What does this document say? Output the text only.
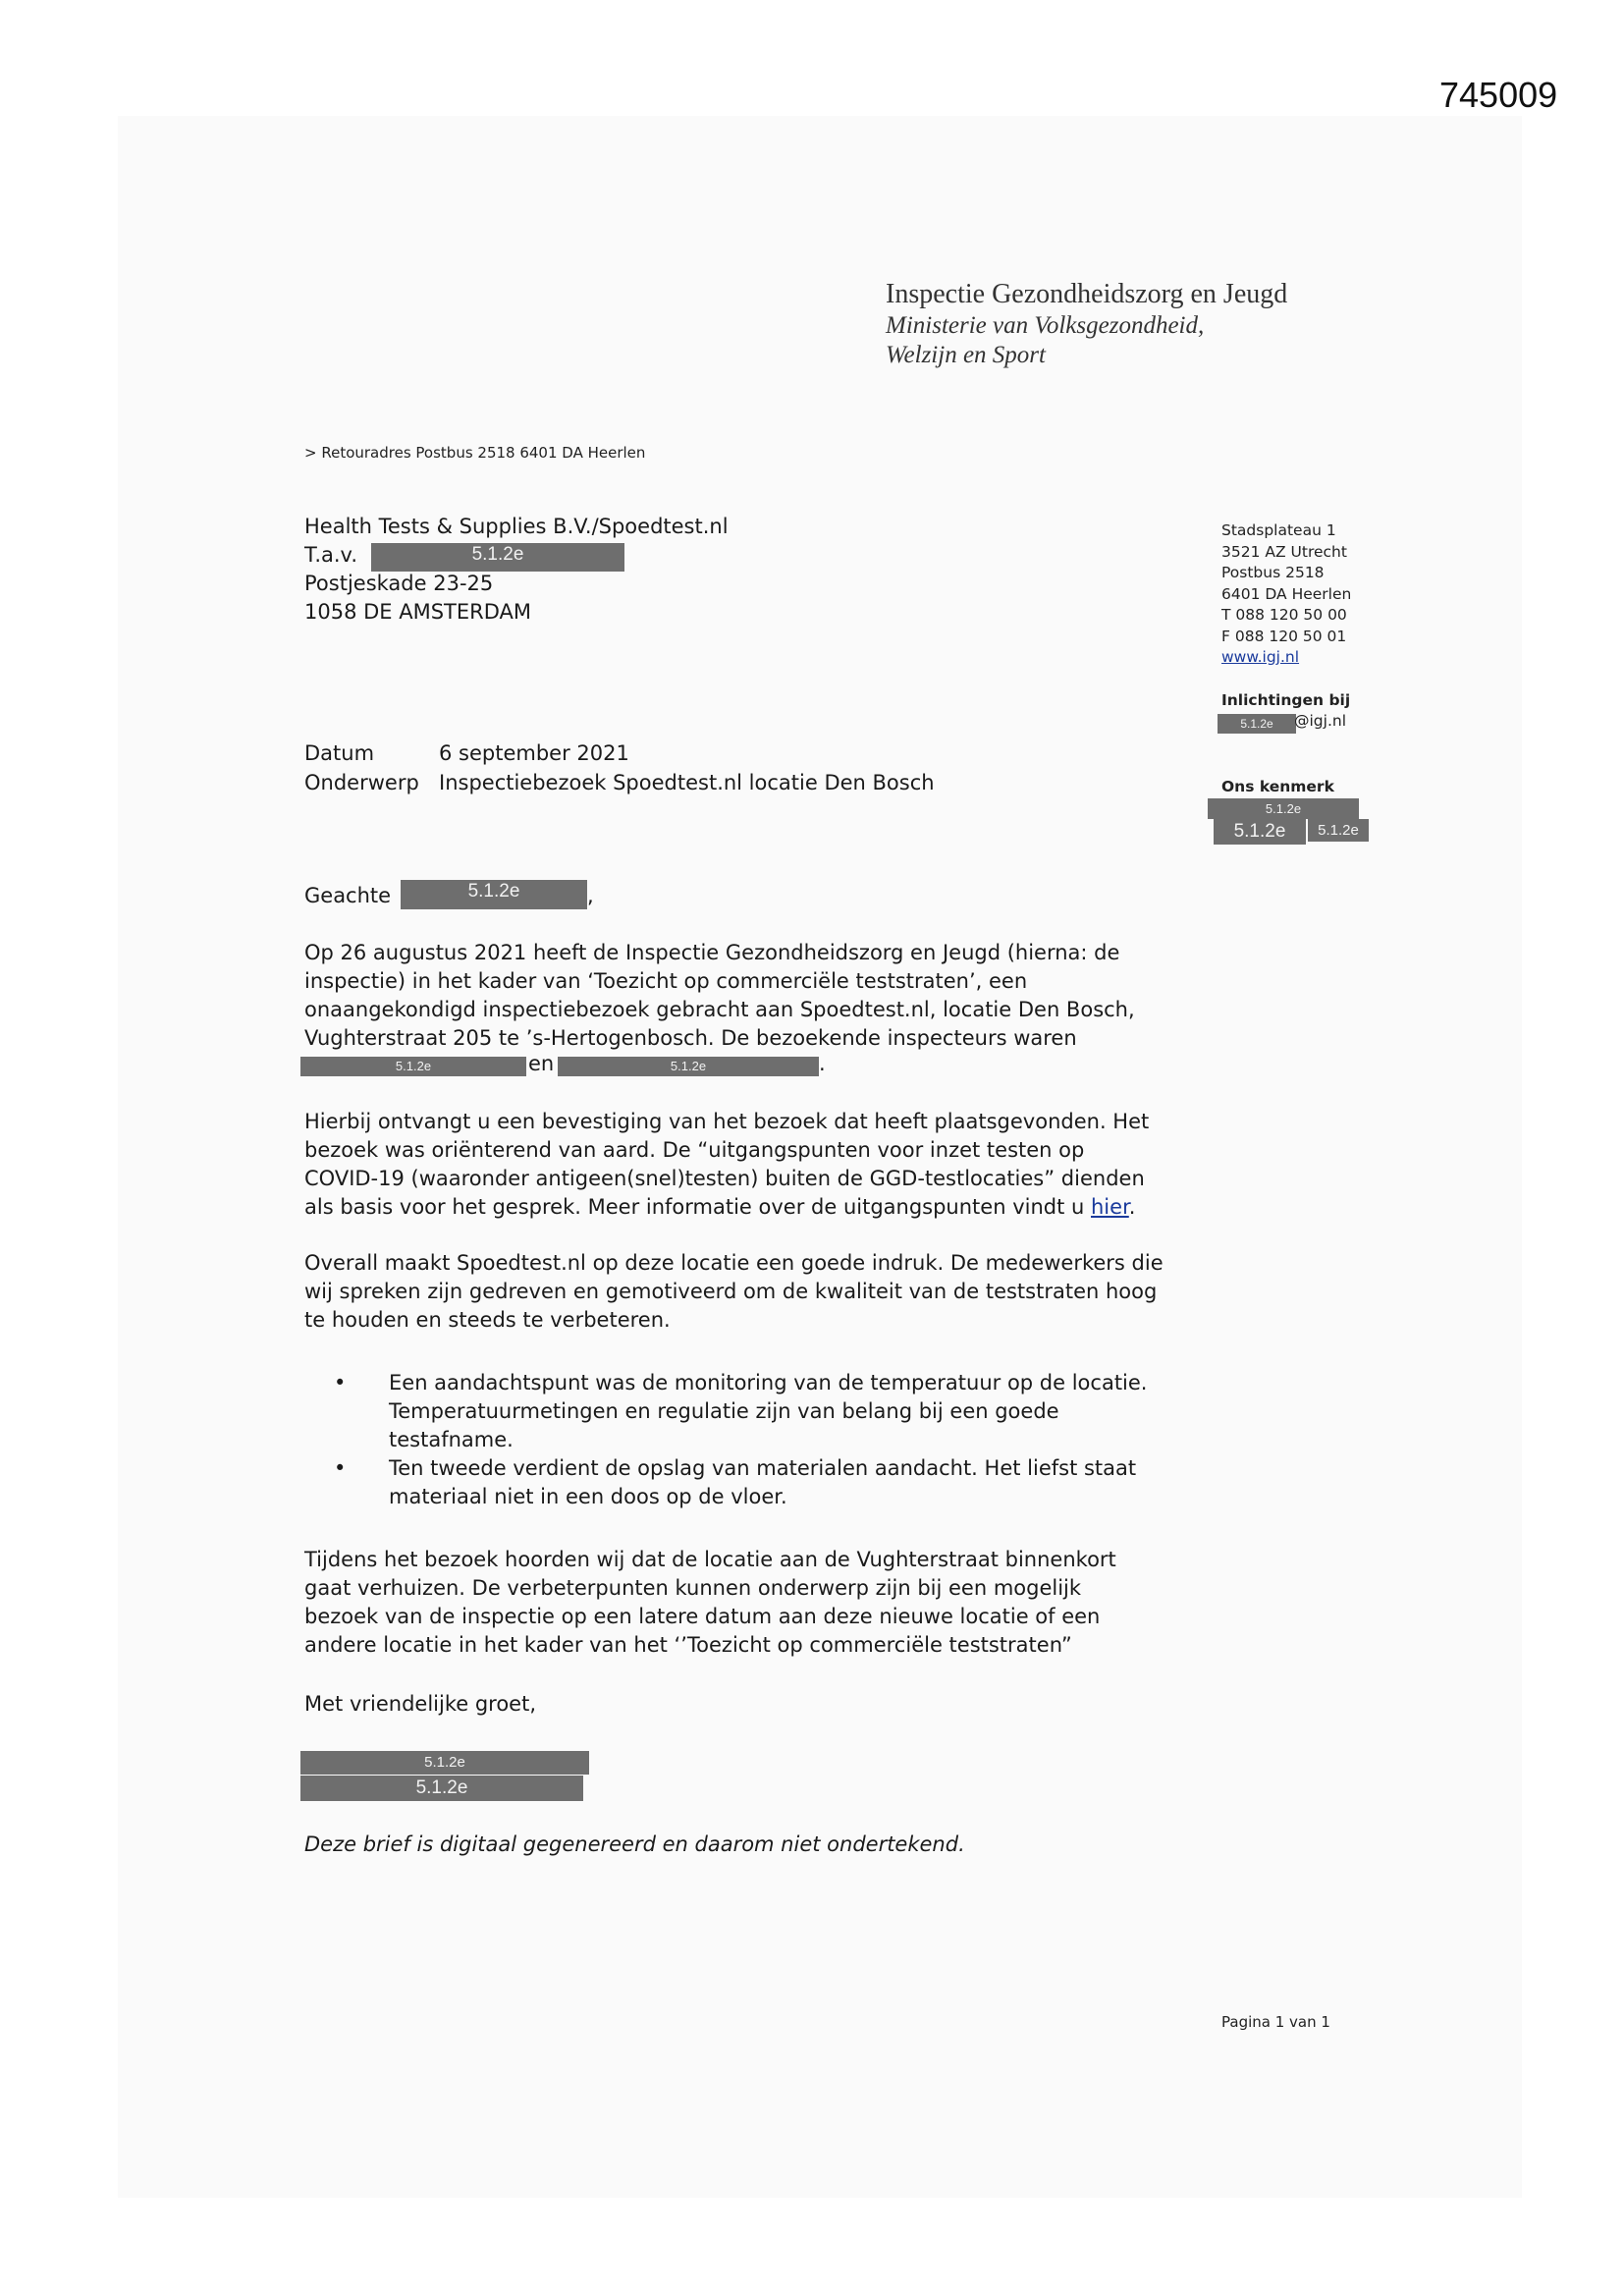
745009
Inspectie Gezondheidszorg en Jeugd
Ministerie van Volksgezondheid,
Welzijn en Sport
> Retouradres Postbus 2518 6401 DA Heerlen
Health Tests & Supplies B.V./Spoedtest.nl
T.a.v.	5.1.2e
Postjeskade 23-25
1058 DE AMSTERDAM
Stadsplateau 1
3521 AZ Utrecht
Postbus 2518
6401 DA Heerlen
T 088 120 50 00
F 088 120 50 01
www.igj.nl
Inlichtingen bij
5.1.2e	@igj.nl
Ons kenmerk
5.1.2e
5.1.2e	5.1.2e
Datum	6 september 2021
Onderwerp Inspectiebezoek Spoedtest.nl locatie Den Bosch
Geachte	5.1.2e	,

Op 26 augustus 2021 heeft de Inspectie Gezondheidszorg en Jeugd (hierna: de

inspectie) in het kader van ‘Toezicht op commerciële teststraten’, een

onaangekondigd inspectiebezoek gebracht aan Spoedtest.nl, locatie Den Bosch,

Vughterstraat 205 te ’s-Hertogenbosch. De bezoekende inspecteurs waren

5.1.2e	en	5.1.2e	.

Hierbij ontvangt u een bevestiging van het bezoek dat heeft plaatsgevonden. Het

bezoek was oriënterend van aard. De “uitgangspunten voor inzet testen op

COVID-19 (waaronder antigeen(snel)testen) buiten de GGD-testlocaties” dienden

als basis voor het gesprek. Meer informatie over de uitgangspunten vindt u hier.

Overall maakt Spoedtest.nl op deze locatie een goede indruk. De medewerkers die

wij spreken zijn gedreven en gemotiveerd om de kwaliteit van de teststraten hoog

te houden en steeds te verbeteren.

• Een aandachtspunt was de monitoring van de temperatuur op de locatie.
Temperatuurmetingen en regulatie zijn van belang bij een goede
testafname.
• Ten tweede verdient de opslag van materialen aandacht. Het liefst staat
materiaal niet in een doos op de vloer.

Tijdens het bezoek hoorden wij dat de locatie aan de Vughterstraat binnenkort

gaat verhuizen. De verbeterpunten kunnen onderwerp zijn bij een mogelijk

bezoek van de inspectie op een latere datum aan deze nieuwe locatie of een

andere locatie in het kader van het ‘’Toezicht op commerciële teststraten”

Met vriendelijke groet,
5.1.2e
5.1.2e
Deze brief is digitaal gegenereerd en daarom niet ondertekend.
Pagina 1 van 1
